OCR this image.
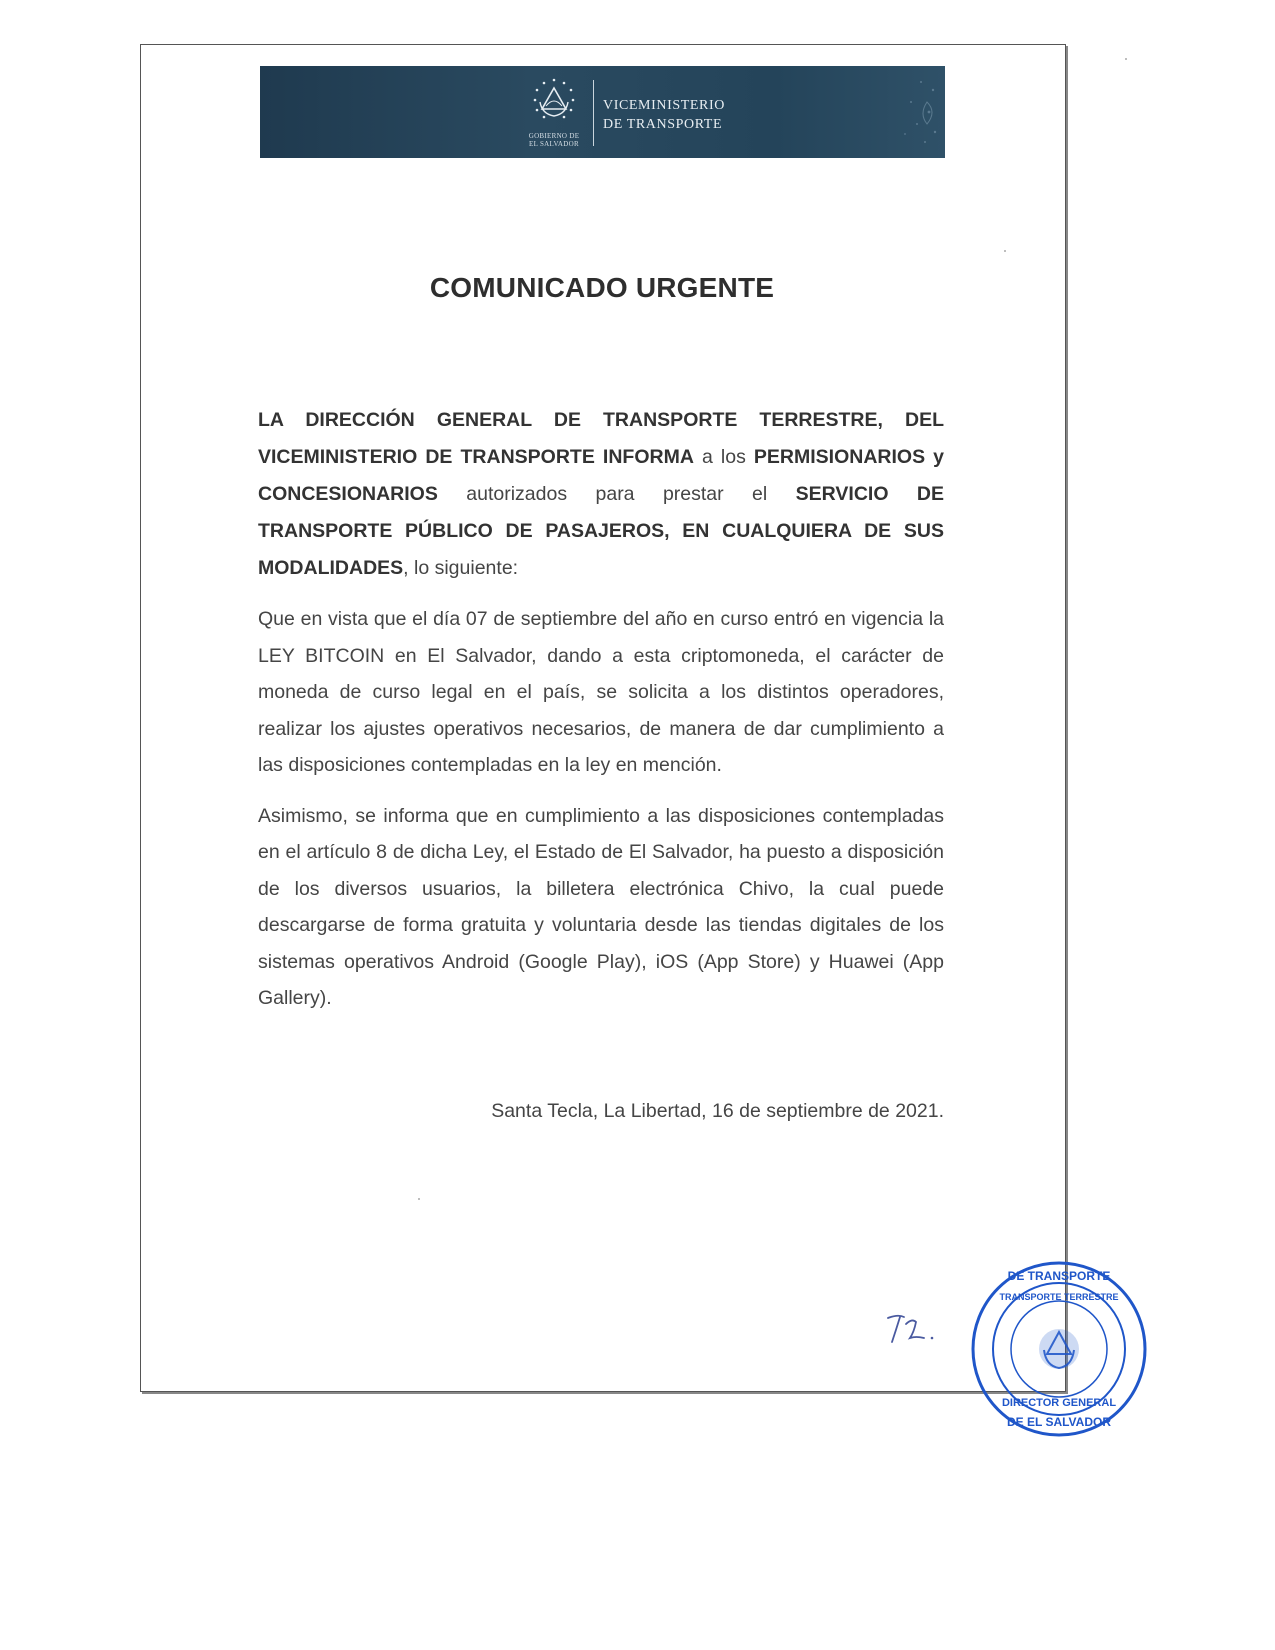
GOBIERNO DE
EL SALVADOR
VICEMINISTERIO
DE TRANSPORTE
COMUNICADO URGENTE

LA DIRECCIÓN GENERAL DE TRANSPORTE TERRESTRE, DEL VICEMINISTERIO DE TRANSPORTE INFORMA a los PERMISIONARIOS y CONCESIONARIOS autorizados para prestar el SERVICIO DE TRANSPORTE PÚBLICO DE PASAJEROS, EN CUALQUIERA DE SUS MODALIDADES, lo siguiente:

Que en vista que el día 07 de septiembre del año en curso entró en vigencia la LEY BITCOIN en El Salvador, dando a esta criptomoneda, el carácter de moneda de curso legal en el país, se solicita a los distintos operadores, realizar los ajustes operativos necesarios, de manera de dar cumplimiento a las disposiciones contempladas en la ley en mención.

Asimismo, se informa que en cumplimiento a las disposiciones contempladas en el artículo 8 de dicha Ley, el Estado de El Salvador, ha puesto a disposición de los diversos usuarios, la billetera electrónica Chivo, la cual puede descargarse de forma gratuita y voluntaria desde las tiendas digitales de los sistemas operativos Android (Google Play), iOS (App Store) y Huawei (App Gallery).

Santa Tecla, La Libertad, 16 de septiembre de 2021.
DE TRANSPORTE
DE EL SALVADOR
DIRECTOR GENERAL
TRANSPORTE TERRESTRE
